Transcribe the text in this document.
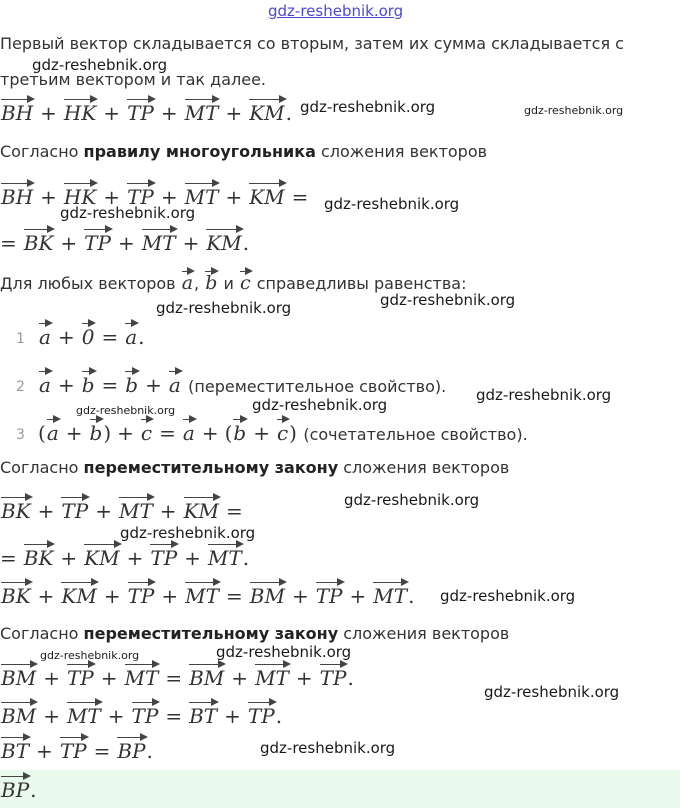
gdz-reshebnik.org
Первый вектор складывается со вторым, затем их сумма складывается с
третьим вектором и так далее.
BH + HK + TP + MT + KM.
Согласно правилу многоугольника сложения векторов
BH + HK + TP + MT + KM =
= BK + TP + MT + KM.
Для любых векторов a, b и c справедливы равенства:
1 a + 0 = a.
2 a + b = b + a (переместительное свойство).
3 (a + b) + c = a + (b + c) (сочетательное свойство).
Согласно переместительному закону сложения векторов
BK + TP + MT + KM =
= BK + KM + TP + MT.
BK + KM + TP + MT = BM + TP + MT.
Согласно переместительному закону сложения векторов
BM + TP + MT = BM + MT + TP.
BM + MT + TP = BT + TP.
BT + TP = BP.
BP.
gdz-reshebnik.org
gdz-reshebnik.org	gdz-reshebnik.org
gdz-reshebnik.org
gdz-reshebnik.org
gdz-reshebnik.org
gdz-reshebnik.org
gdz-reshebnik.org
gdz-reshebnik.org	gdz-reshebnik.org
gdz-reshebnik.org
gdz-reshebnik.org
gdz-reshebnik.org
gdz-reshebnik.org	gdz-reshebnik.org
gdz-reshebnik.org
gdz-reshebnik.org
